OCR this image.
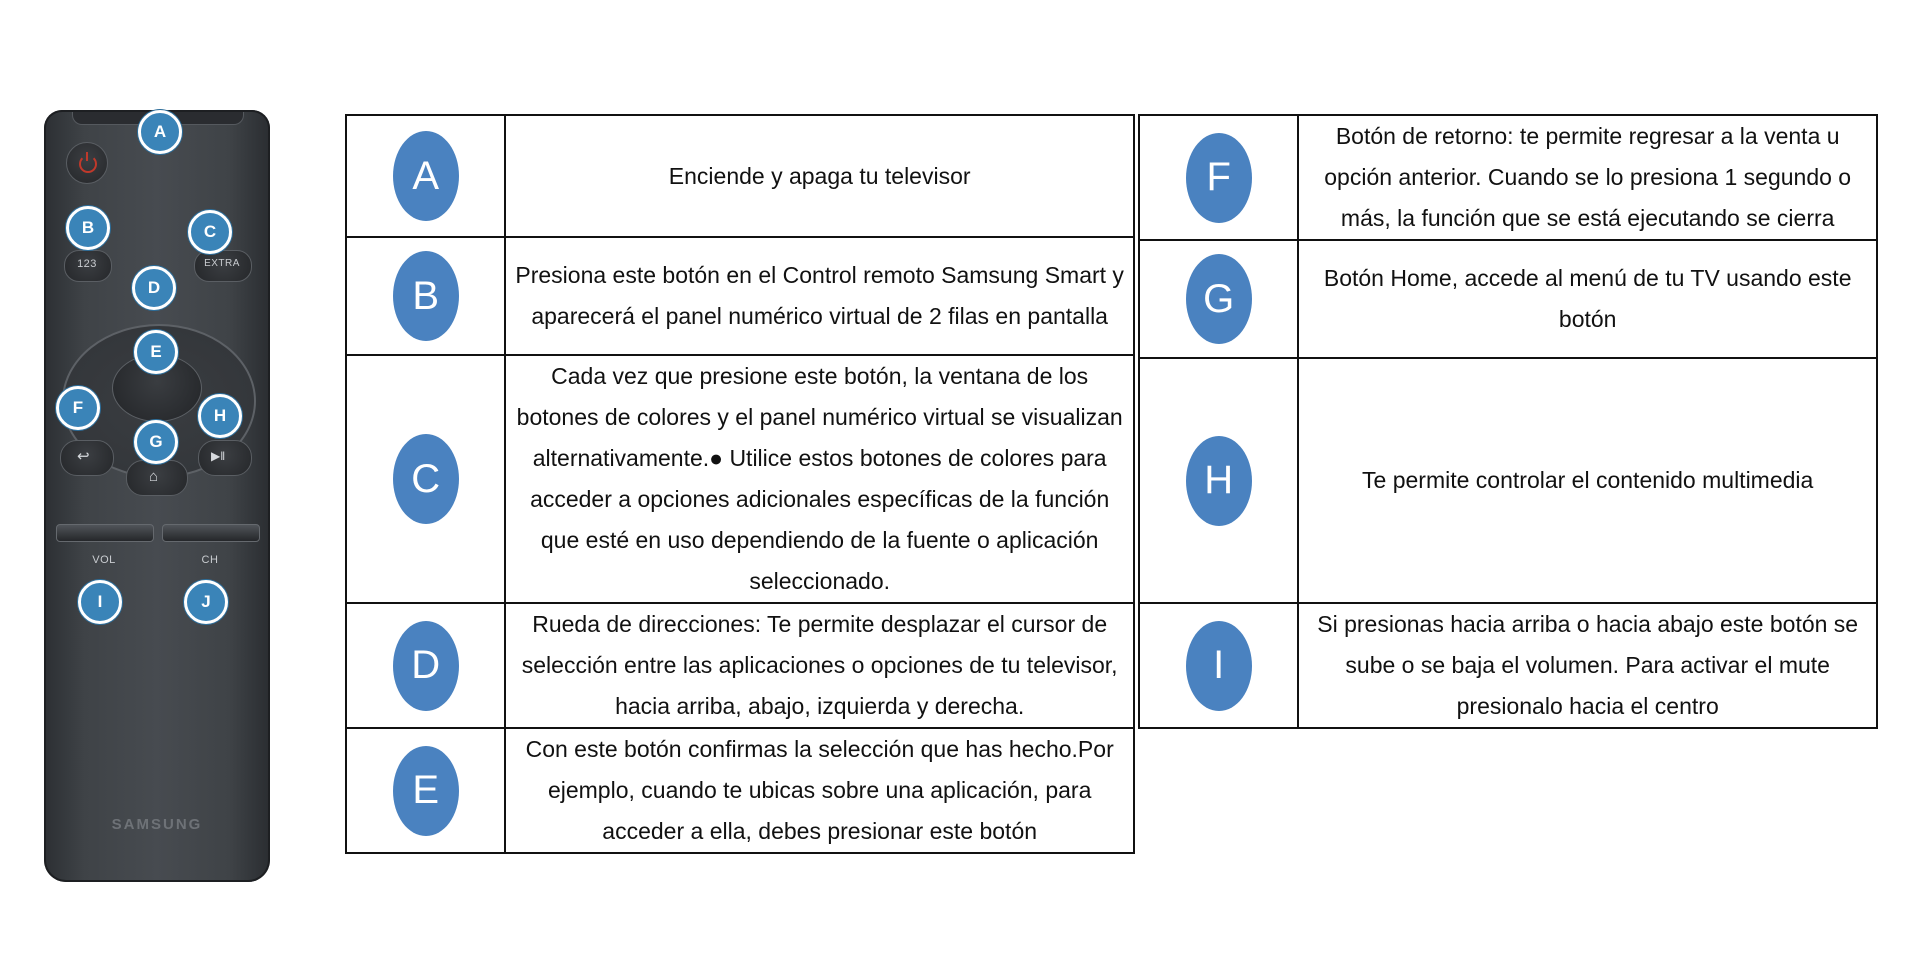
123	EXTRA
↩
⌂
▶‖
VOL	CH
SAMSUNG
A
B	C
D
E
F
G
H
I	J
A	Enciende y apaga tu televisor
B	Presiona este botón en el Control remoto Samsung Smart y aparecerá el panel numérico virtual de 2 filas en pantalla
C	Cada vez que presione este botón, la ventana de los botones de colores y el panel numérico virtual se visualizan alternativamente.● Utilice estos botones de colores para acceder a opciones adicionales específicas de la función que esté en uso dependiendo de la fuente o aplicación seleccionado.
D	Rueda de direcciones: Te permite desplazar el cursor de selección entre las aplicaciones o opciones de tu televisor, hacia arriba, abajo, izquierda y derecha.
E	Con este botón confirmas la selección que has hecho.Por ejemplo, cuando te ubicas sobre una aplicación, para acceder a ella, debes presionar este botón
F	Botón de retorno: te permite regresar a la venta u opción anterior. Cuando se lo presiona 1 segundo o más, la función que se está ejecutando se cierra
G	Botón Home, accede al menú de tu TV usando este botón
H	Te permite controlar el contenido multimedia
I	Si presionas hacia arriba o hacia abajo este botón se sube o se baja el volumen. Para activar el mute presionalo hacia el centro
